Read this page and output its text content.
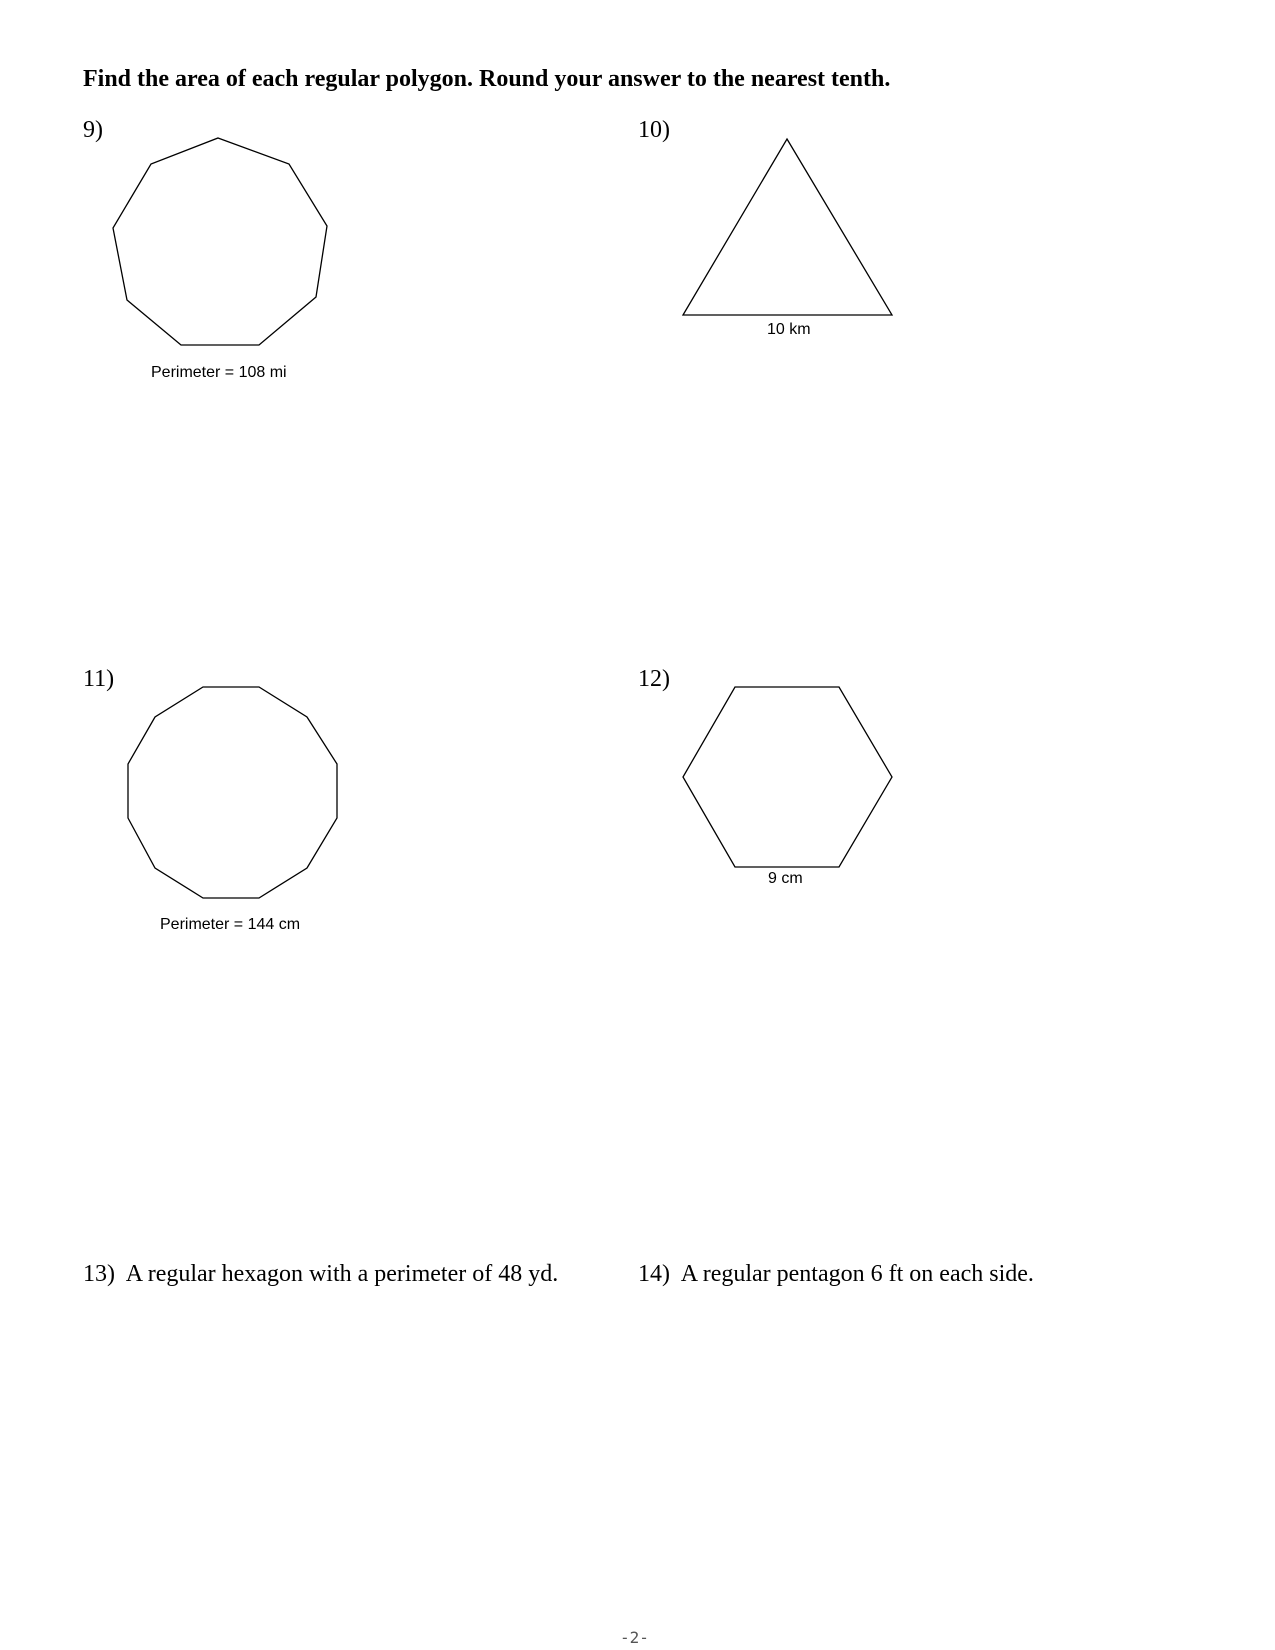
Find the area of each regular polygon. Round your answer to the nearest tenth.
9)
Perimeter = 108 mi
10)
10 km
11)
Perimeter = 144 cm
12)
9 cm
13) A regular hexagon with a perimeter of 48 yd.	14) A regular pentagon 6 ft on each side.
-2-
